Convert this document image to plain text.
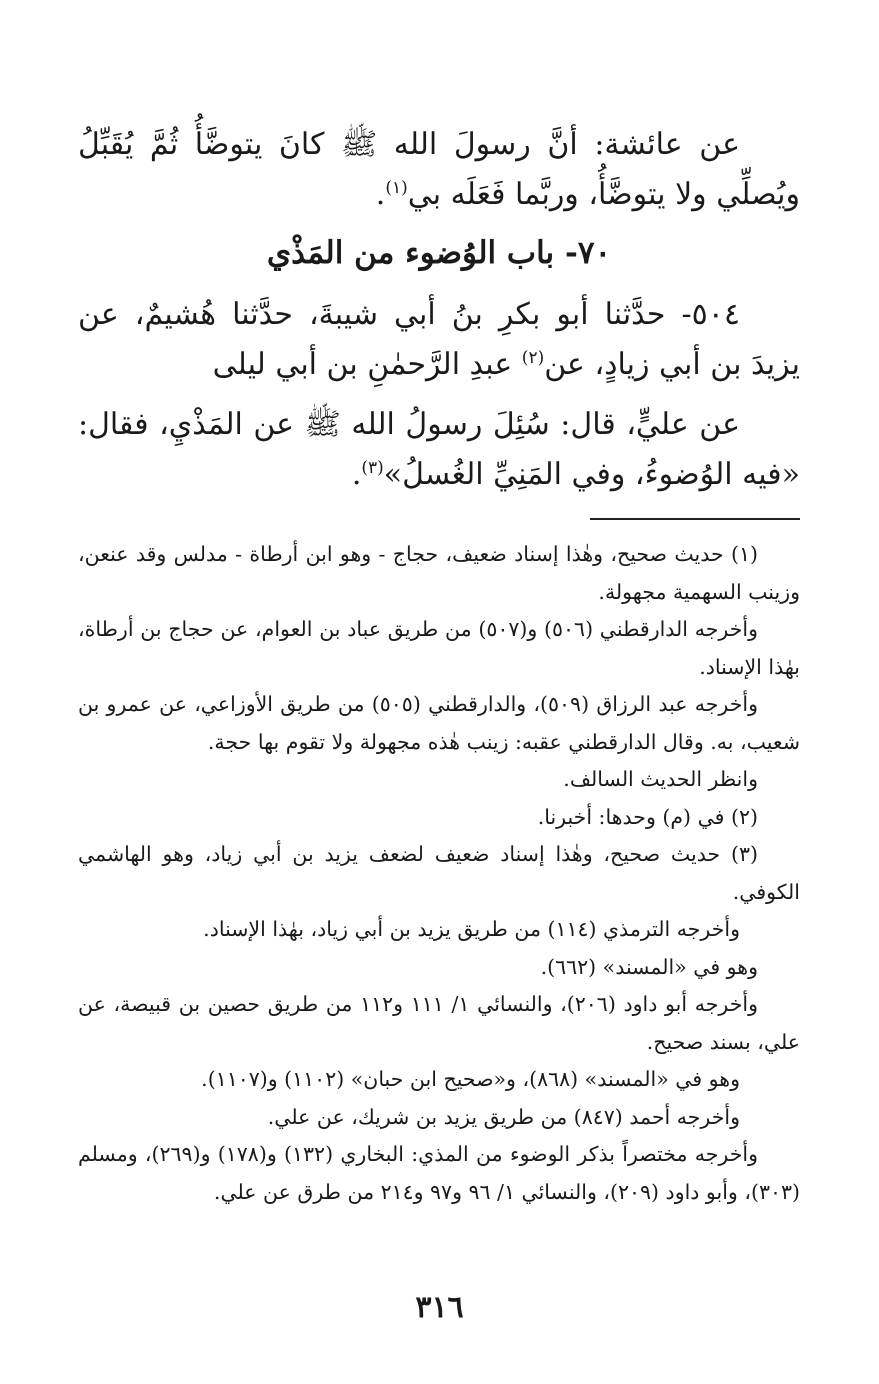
عن عائشة: أنَّ رسولَ الله ﷺ كانَ يتوضَّأُ ثُمَّ يُقَبِّلُ ويُصلِّي ولا يتوضَّأُ، وربَّما فَعَلَه بي$^{(١)}$.

٧٠- باب الوُضوء من المَذْي

٥٠٤- حدَّثنا أبو بكرِ بنُ أبي شيبةَ، حدَّثنا هُشيمٌ، عن يزيدَ بن أبي زيادٍ، عن$^{(٢)}$ عبدِ الرَّحمٰنِ بن أبي ليلى

عن عليٍّ، قال: سُئِلَ رسولُ الله ﷺ عن المَذْيِ، فقال: «فيه الوُضوءُ، وفي المَنِيِّ الغُسلُ»$^{(٣)}$.

(١) حديث صحيح، وهٰذا إسناد ضعيف، حجاج - وهو ابن أرطاة - مدلس وقد عنعن، وزينب السهمية مجهولة.

وأخرجه الدارقطني (٥٠٦) و(٥٠٧) من طريق عباد بن العوام، عن حجاج بن أرطاة، بهٰذا الإسناد.

وأخرجه عبد الرزاق (٥٠٩)، والدارقطني (٥٠٥) من طريق الأوزاعي، عن عمرو بن شعيب، به. وقال الدارقطني عقبه: زينب هٰذه مجهولة ولا تقوم بها حجة.

وانظر الحديث السالف.

(٢) في (م) وحدها: أخبرنا.

(٣) حديث صحيح، وهٰذا إسناد ضعيف لضعف يزيد بن أبي زياد، وهو الهاشمي الكوفي.

وأخرجه الترمذي (١١٤) من طريق يزيد بن أبي زياد، بهٰذا الإسناد.

وهو في «المسند» (٦٦٢).

وأخرجه أبو داود (٢٠٦)، والنسائي ١/ ١١١ و١١٢ من طريق حصين بن قبيصة، عن علي، بسند صحيح.

وهو في «المسند» (٨٦٨)، و«صحيح ابن حبان» (١١٠٢) و(١١٠٧).

وأخرجه أحمد (٨٤٧) من طريق يزيد بن شريك، عن علي.

وأخرجه مختصراً بذكر الوضوء من المذي: البخاري (١٣٢) و(١٧٨) و(٢٦٩)، ومسلم (٣٠٣)، وأبو داود (٢٠٩)، والنسائي ١/ ٩٦ و٩٧ و٢١٤ من طرق عن علي.

٣١٦
